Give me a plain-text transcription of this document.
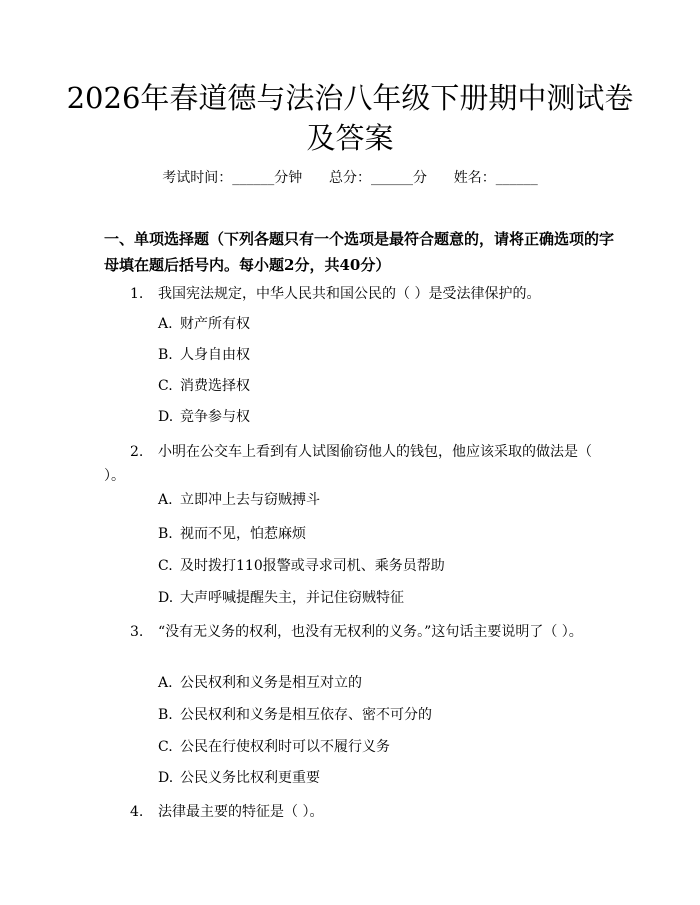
2026年春道德与法治八年级下册期中测试卷及答案
考试时间：______分钟      总分：______分      姓名：______
一、单项选择题（下列各题只有一个选项是最符合题意的，请将正确选项的字母填在题后括号内。每小题2分，共40分）
1. 我国宪法规定，中华人民共和国公民的（ ）是受法律保护的。
A. 财产所有权
B. 人身自由权
C. 消费选择权
D. 竞争参与权
2. 小明在公交车上看到有人试图偷窃他人的钱包，他应该采取的做法是（ ）。
A. 立即冲上去与窃贼搏斗
B. 视而不见，怕惹麻烦
C. 及时拨打110报警或寻求司机、乘务员帮助
D. 大声呼喊提醒失主，并记住窃贼特征
3. “没有无义务的权利，也没有无权利的义务。”这句话主要说明了（ ）。
A. 公民权利和义务是相互对立的
B. 公民权利和义务是相互依存、密不可分的
C. 公民在行使权利时可以不履行义务
D. 公民义务比权利更重要
4. 法律最主要的特征是（ ）。
